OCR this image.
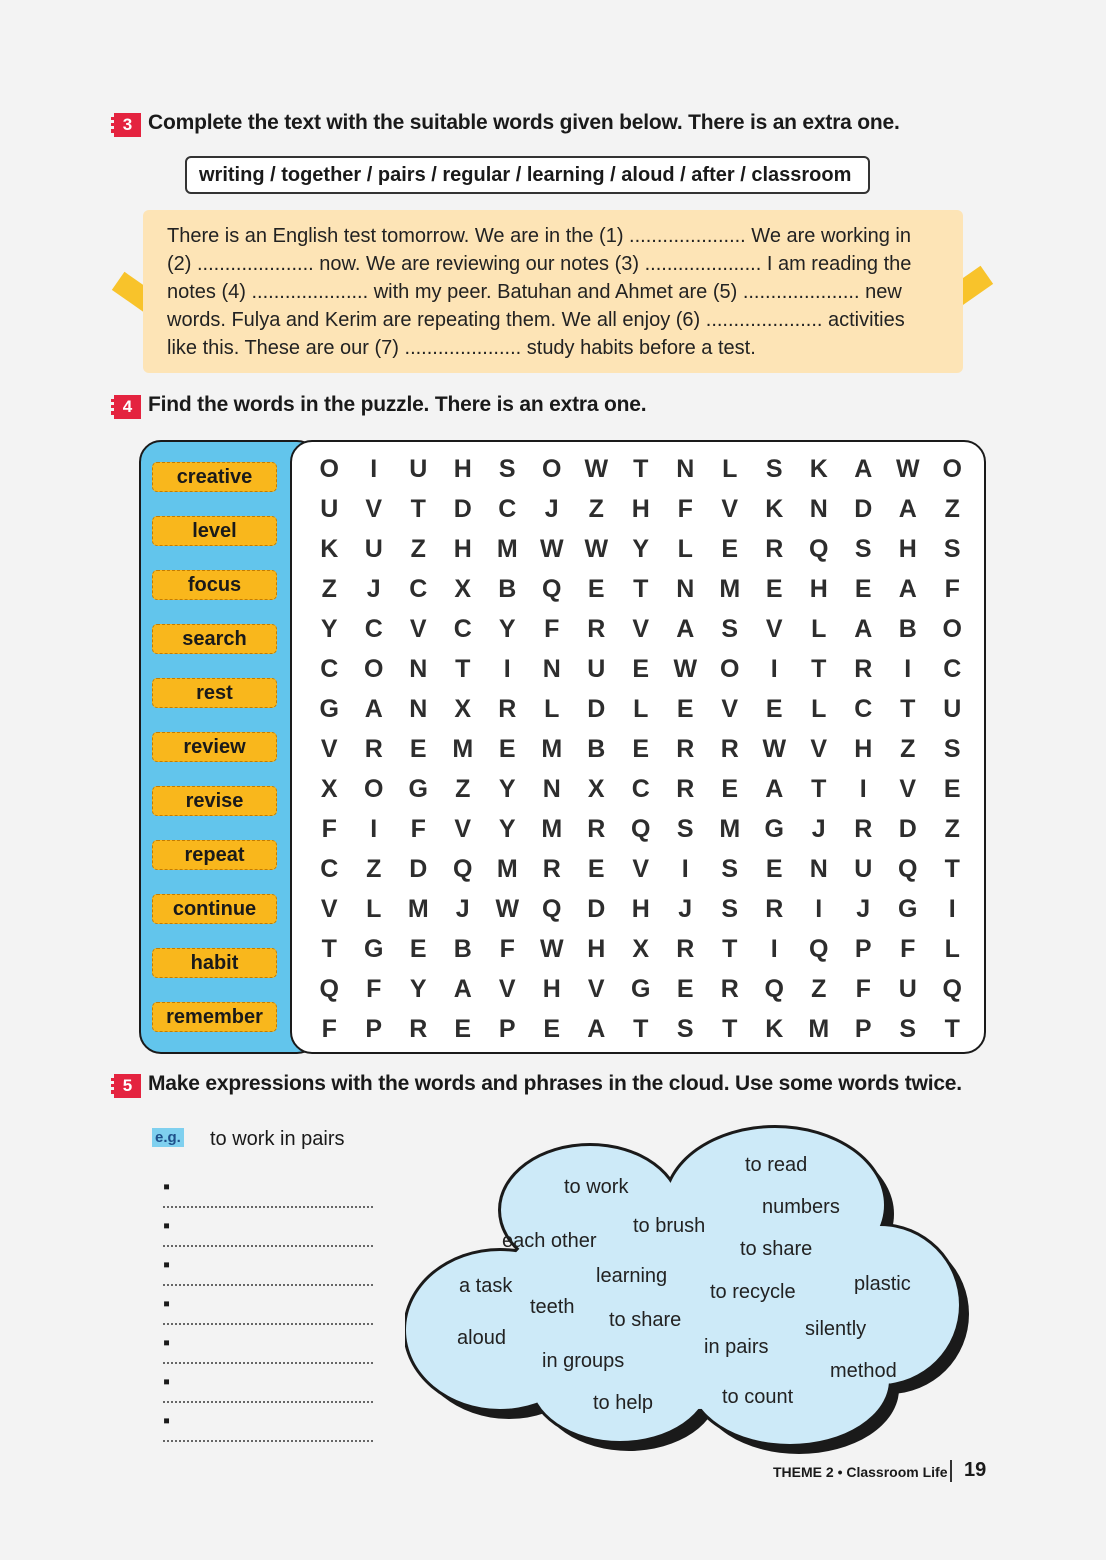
3 Complete the text with the suitable words given below. There is an extra one.
writing / together / pairs / regular / learning / aloud / after / classroom
There is an English test tomorrow. We are in the (1) ..................... We are working in
(2) ..................... now. We are reviewing our notes (3) ..................... I am reading the
notes (4) ..................... with my peer. Batuhan and Ahmet are (5) ..................... new
words. Fulya and Kerim are repeating them. We all enjoy (6) ..................... activities
like this. These are our (7) ..................... study habits before a test.
4 Find the words in the puzzle. There is an extra one.
creative
level
focus
search
rest
review
revise
repeat
continue
habit
remember
O	I	U	H	S	O W	T	N	L	S	K	A W O
U	V	T	D	C	J	Z	H	F	V	K	N	D	A	Z
K	U	Z	H	M W W Y	L	E	R	Q	S	H	S
Z	J	C	X	B	Q	E	T	N	M	E	H	E	A	F
Y	C	V	C	Y	F	R	V	A	S	V	L	A	B	O
C	O	N	T	I	N	U	E W O	I	T	R	I	C
G	A	N	X	R	L	D	L	E	V	E	L	C	T	U
V	R	E	M	E	M	B	E	R	R W V	H	Z	S
X	O	G	Z	Y	N	X	C	R	E	A	T	I	V	E
F	I	F	V	Y	M	R	Q	S	M G	J	R	D	Z
C	Z	D	Q M	R	E	V	I	S	E	N	U	Q	T
V	L	M	J	W Q	D	H	J	S	R	I	J	G	I
T	G	E	B	F	W H	X	R	T	I	Q	P	F	L
Q	F	Y	A	V	H	V	G	E	R	Q	Z	F	U	Q
F	P	R	E	P	E	A	T	S	T	K	M	P	S	T
5 Make expressions with the words and phrases in the cloud. Use some words twice.
e.g. to work in pairs
▪
▪
▪
▪
▪
▪
▪
to read
to work
numbers
to brush
each other	to share
learning
a task	plastic
to recycle
teeth
to share	silently
aloud	in pairs
in groups	method
to count
to help
THEME 2 • Classroom Life 19
